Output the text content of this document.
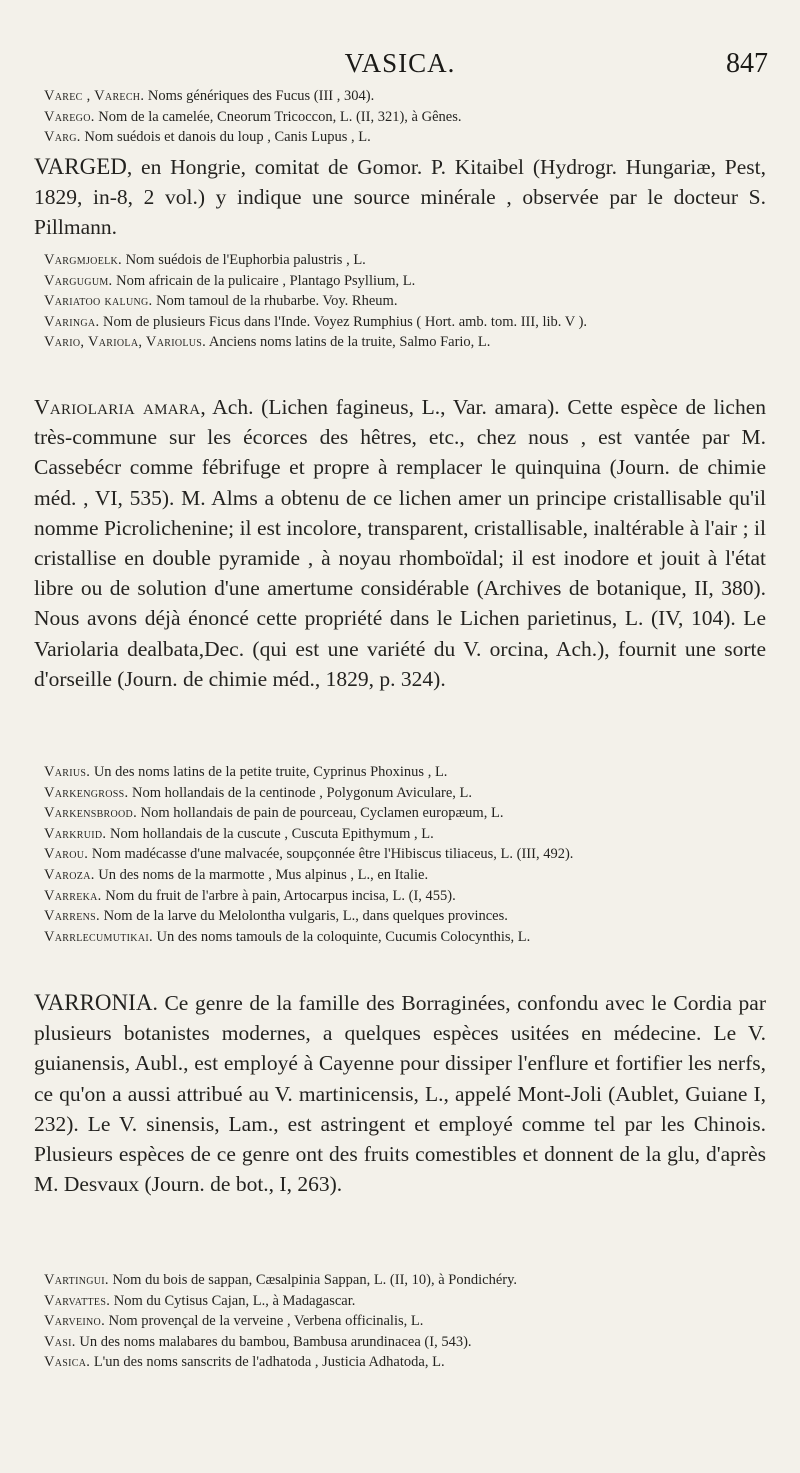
VASICA.	847

Varec , Varech. Noms génériques des Fucus (III , 304).

Varego. Nom de la camelée, Cneorum Tricoccon, L. (II, 321), à Gênes.

Varg. Nom suédois et danois du loup , Canis Lupus , L.

VARGED, en Hongrie, comitat de Gomor. P. Kitaibel (Hydrogr. Hungariæ, Pest, 1829, in-8, 2 vol.) y indique une source minérale , observée par le docteur S. Pillmann.

Vargmjoelk. Nom suédois de l'Euphorbia palustris , L.

Vargugum. Nom africain de la pulicaire , Plantago Psyllium, L.

Variatoo kalung. Nom tamoul de la rhubarbe. Voy. Rheum.

Varinga. Nom de plusieurs Ficus dans l'Inde. Voyez Rumphius ( Hort. amb. tom. III, lib. V ).

Vario, Variola, Variolus. Anciens noms latins de la truite, Salmo Fario, L.

Variolaria amara, Ach. (Lichen fagineus, L., Var. amara). Cette espèce de lichen très-commune sur les écorces des hêtres, etc., chez nous , est vantée par M. Cassebécr comme fébrifuge et propre à remplacer le quinquina (Journ. de chimie méd. , VI, 535). M. Alms a obtenu de ce lichen amer un principe cristallisable qu'il nomme Picrolichenine; il est incolore, transparent, cristallisable, inaltérable à l'air ; il cristallise en double pyramide , à noyau rhomboïdal; il est inodore et jouit à l'état libre ou de solution d'une amertume considérable (Archives de botanique, II, 380). Nous avons déjà énoncé cette propriété dans le Lichen parietinus, L. (IV, 104). Le Variolaria dealbata,Dec. (qui est une variété du V. orcina, Ach.), fournit une sorte d'orseille (Journ. de chimie méd., 1829, p. 324).

Varius. Un des noms latins de la petite truite, Cyprinus Phoxinus , L.

Varkengross. Nom hollandais de la centinode , Polygonum Aviculare, L.

Varkensbrood. Nom hollandais de pain de pourceau, Cyclamen europæum, L.

Varkruid. Nom hollandais de la cuscute , Cuscuta Epithymum , L.

Varou. Nom madécasse d'une malvacée, soupçonnée être l'Hibiscus tiliaceus, L. (III, 492).

Varoza. Un des noms de la marmotte , Mus alpinus , L., en Italie.

Varreka. Nom du fruit de l'arbre à pain, Artocarpus incisa, L. (I, 455).

Varrens. Nom de la larve du Melolontha vulgaris, L., dans quelques provinces.

Varrlecumutikai. Un des noms tamouls de la coloquinte, Cucumis Colocynthis, L.

VARRONIA. Ce genre de la famille des Borraginées, confondu avec le Cordia par plusieurs botanistes modernes, a quelques espèces usitées en médecine. Le V. guianensis, Aubl., est employé à Cayenne pour dissiper l'enflure et fortifier les nerfs, ce qu'on a aussi attribué au V. martinicensis, L., appelé Mont-Joli (Aublet, Guiane I, 232). Le V. sinensis, Lam., est astringent et employé comme tel par les Chinois. Plusieurs espèces de ce genre ont des fruits comestibles et donnent de la glu, d'après M. Desvaux (Journ. de bot., I, 263).

Vartingui. Nom du bois de sappan, Cæsalpinia Sappan, L. (II, 10), à Pondichéry.

Varvattes. Nom du Cytisus Cajan, L., à Madagascar.

Varveino. Nom provençal de la verveine , Verbena officinalis, L.

Vasi. Un des noms malabares du bambou, Bambusa arundinacea (I, 543).

Vasica. L'un des noms sanscrits de l'adhatoda , Justicia Adhatoda, L.
